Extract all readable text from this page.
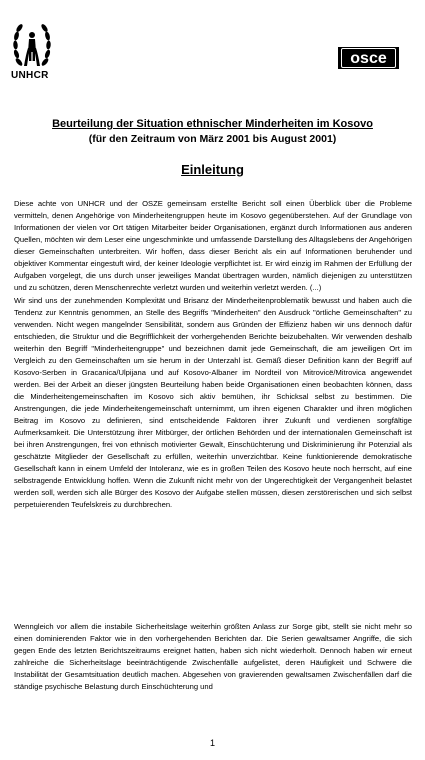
UNHCR
osce
Beurteilung der Situation ethnischer Minderheiten im Kosovo
(für den Zeitraum von März 2001 bis August 2001)
Einleitung

Diese achte von UNHCR und der OSZE gemeinsam erstellte Bericht soll einen Überblick über die Probleme vermitteln, denen Angehörige von Minderheitengruppen heute im Kosovo gegenüberstehen. Auf der Grundlage von Informationen der vielen vor Ort tätigen Mitarbeiter beider Organisationen, ergänzt durch Informationen aus anderen Quellen, möchten wir dem Leser eine ungeschminkte und umfassende Darstellung des Alltagslebens der Angehörigen dieser Gemeinschaften unterbreiten. Wir hoffen, dass dieser Bericht als ein auf Informationen beruhender und objektiver Kommentar eingestuft wird, der keiner Ideologie verpflichtet ist. Er wird einzig im Rahmen der Erfüllung der Aufgaben vorgelegt, die uns durch unser jeweiliges Mandat übertragen wurden, nämlich diejenigen zu unterstützen und zu schützen, deren Menschenrechte verletzt wurden und weiterhin verletzt werden. (...)

Wir sind uns der zunehmenden Komplexität und Brisanz der Minderheitenproblematik bewusst und haben auch die Tendenz zur Kenntnis genommen, an Stelle des Begriffs "Minderheiten" den Ausdruck "örtliche Gemeinschaften" zu verwenden. Nicht wegen mangelnder Sensibilität, sondern aus Gründen der Effizienz haben wir uns dennoch dafür entschieden, die Struktur und die Begrifflichkeit der vorhergehenden Berichte beizubehalten. Wir verwenden deshalb weiterhin den Begriff "Minderheitengruppe" und bezeichnen damit jede Gemeinschaft, die am jeweiligen Ort im Vergleich zu den Gemeinschaften um sie herum in der Unterzahl ist. Gemäß dieser Definition kann der Begriff auf Kosovo-Serben in Gracanica/Ulpijana und auf Kosovo-Albaner im Nordteil von Mitrovicë/Mitrovica angewendet werden. Bei der Arbeit an dieser jüngsten Beurteilung haben beide Organisationen einen beobachten können, dass die Minderheitengemeinschaften im Kosovo sich aktiv bemühen, ihr Schicksal selbst zu bestimmen. Die Anstrengungen, die jede Minderheitengemeinschaft unternimmt, um ihren eigenen Charakter und ihren möglichen Beitrag im Kosovo zu definieren, sind entscheidende Faktoren ihrer Zukunft und verdienen sorgfältige Aufmerksamkeit. Die Unterstützung ihrer Mitbürger, der örtlichen Behörden und der internationalen Gemeinschaft ist bei ihren Anstrengungen, frei von ethnisch motivierter Gewalt, Einschüchterung und Diskriminierung ihr Potenzial als geschätzte Mitglieder der Gesellschaft zu erfüllen, weiterhin unverzichtbar. Keine funktionierende demokratische Gesellschaft kann in einem Umfeld der Intoleranz, wie es in großen Teilen des Kosovo heute noch herrscht, auf eine selbstragende Entwicklung hoffen. Wenn die Zukunft nicht mehr von der Ungerechtigkeit der Vergangenheit belastet werden soll, werden sich alle Bürger des Kosovo der Aufgabe stellen müssen, diesen zerstörerischen und sich selbst perpetuierenden Teufelskreis zu durchbrechen.

Wenngleich vor allem die instabile Sicherheitslage weiterhin größten Anlass zur Sorge gibt, stellt sie nicht mehr so einen dominierenden Faktor wie in den vorhergehenden Berichten dar. Die Serien gewaltsamer Angriffe, die sich gegen Ende des letzten Berichtszeitraums ereignet hatten, haben sich nicht wiederholt. Dennoch haben wir erneut zahlreiche die Sicherheitslage beeinträchtigende Zwischenfälle aufgelistet, deren Häufigkeit und Schwere die Instabilität der Gesamtsituation deutlich machen. Abgesehen von gravierenden gewaltsamen Zwischenfällen darf die ständige psychische Belastung durch Einschüchterung und

1
